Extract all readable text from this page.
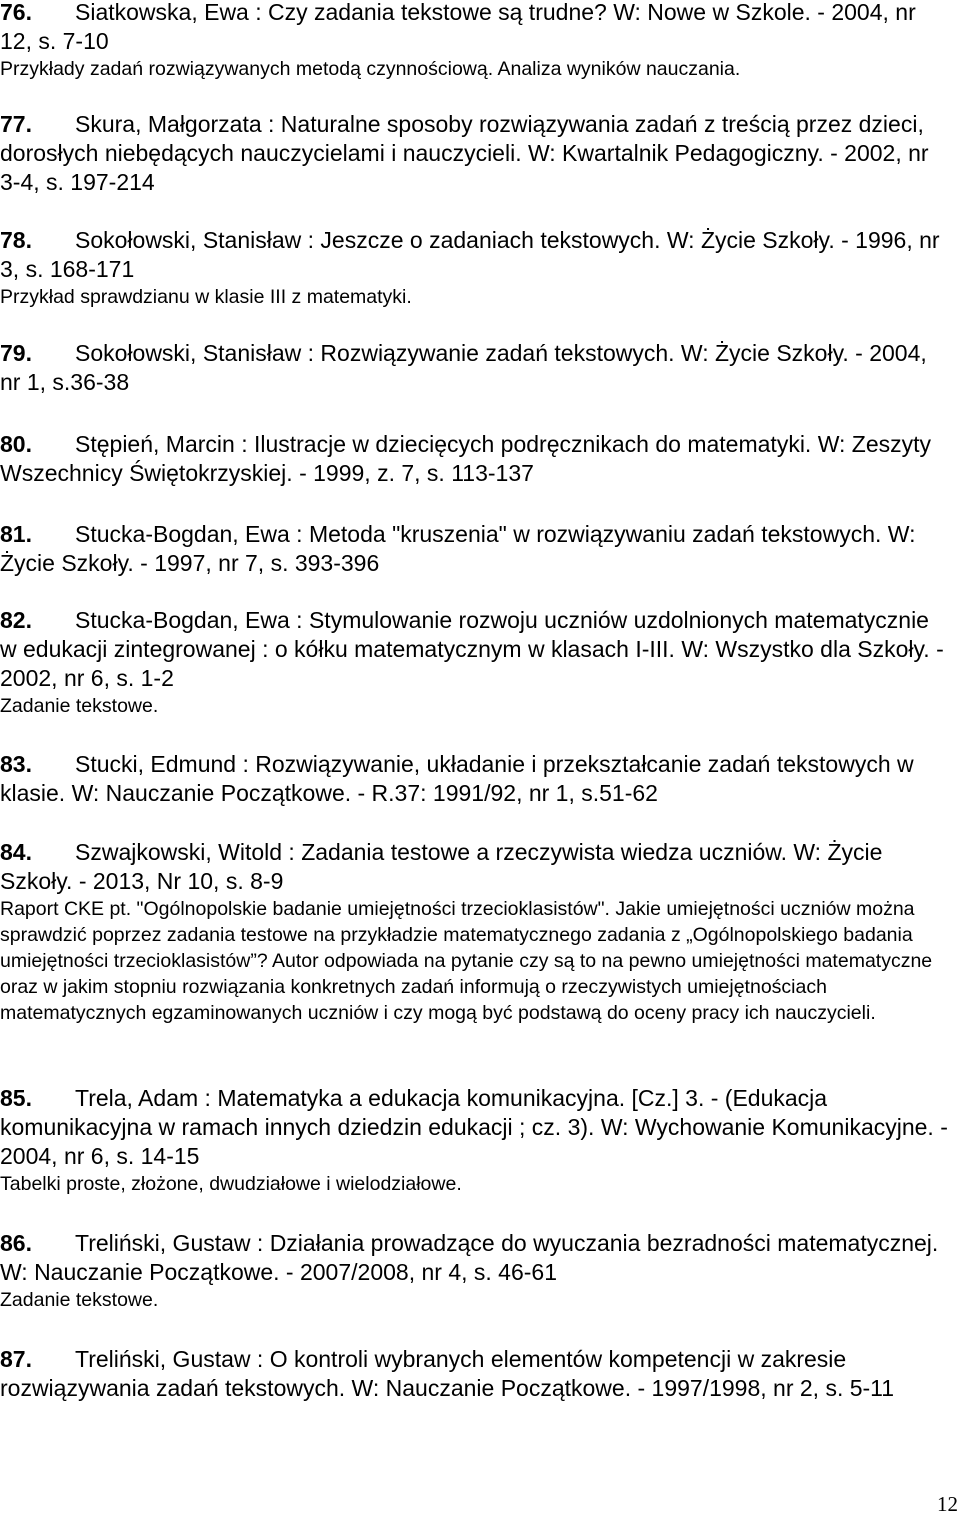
76. Siatkowska, Ewa : Czy zadania tekstowe są trudne? W: Nowe w Szkole. - 2004, nr 12, s. 7-10

Przykłady zadań rozwiązywanych metodą czynnościową. Analiza wyników nauczania.

77. Skura, Małgorzata : Naturalne sposoby rozwiązywania zadań z treścią przez dzieci, dorosłych niebędących nauczycielami i nauczycieli. W: Kwartalnik Pedagogiczny. - 2002, nr 3-4, s. 197-214

78. Sokołowski, Stanisław : Jeszcze o zadaniach tekstowych. W: Życie Szkoły. - 1996, nr 3, s. 168-171

Przykład sprawdzianu w klasie III z matematyki.

79. Sokołowski, Stanisław : Rozwiązywanie zadań tekstowych. W: Życie Szkoły. - 2004, nr 1, s.36-38

80. Stępień, Marcin : Ilustracje w dziecięcych podręcznikach do matematyki. W: Zeszyty Wszechnicy Świętokrzyskiej. - 1999, z. 7, s. 113-137

81. Stucka-Bogdan, Ewa : Metoda "kruszenia" w rozwiązywaniu zadań tekstowych. W: Życie Szkoły. - 1997, nr 7, s. 393-396

82. Stucka-Bogdan, Ewa : Stymulowanie rozwoju uczniów uzdolnionych matematycznie w edukacji zintegrowanej : o kółku matematycznym w klasach I-III. W: Wszystko dla Szkoły. - 2002, nr 6, s. 1-2

Zadanie tekstowe.

83. Stucki, Edmund : Rozwiązywanie, układanie i przekształcanie zadań tekstowych w klasie. W: Nauczanie Początkowe. - R.37: 1991/92, nr 1, s.51-62

84. Szwajkowski, Witold : Zadania testowe a rzeczywista wiedza uczniów. W: Życie Szkoły. - 2013, Nr 10, s. 8-9

Raport CKE pt. "Ogólnopolskie badanie umiejętności trzecioklasistów". Jakie umiejętności uczniów można sprawdzić poprzez zadania testowe na przykładzie matematycznego zadania z „Ogólnopolskiego badania umiejętności trzecioklasistów”? Autor odpowiada na pytanie czy są to na pewno umiejętności matematyczne oraz w jakim stopniu rozwiązania konkretnych zadań informują o rzeczywistych umiejętnościach matematycznych egzaminowanych uczniów i czy mogą być podstawą do oceny pracy ich nauczycieli.

85. Trela, Adam : Matematyka a edukacja komunikacyjna. [Cz.] 3. - (Edukacja komunikacyjna w ramach innych dziedzin edukacji ; cz. 3). W: Wychowanie Komunikacyjne. - 2004, nr 6, s. 14-15

Tabelki proste, złożone, dwudziałowe i wielodziałowe.

86. Treliński, Gustaw : Działania prowadzące do wyuczania bezradności matematycznej. W: Nauczanie Początkowe. - 2007/2008, nr 4, s. 46-61

Zadanie tekstowe.

87. Treliński, Gustaw : O kontroli wybranych elementów kompetencji w zakresie rozwiązywania zadań tekstowych. W: Nauczanie Początkowe. - 1997/1998, nr 2, s. 5-11

12
